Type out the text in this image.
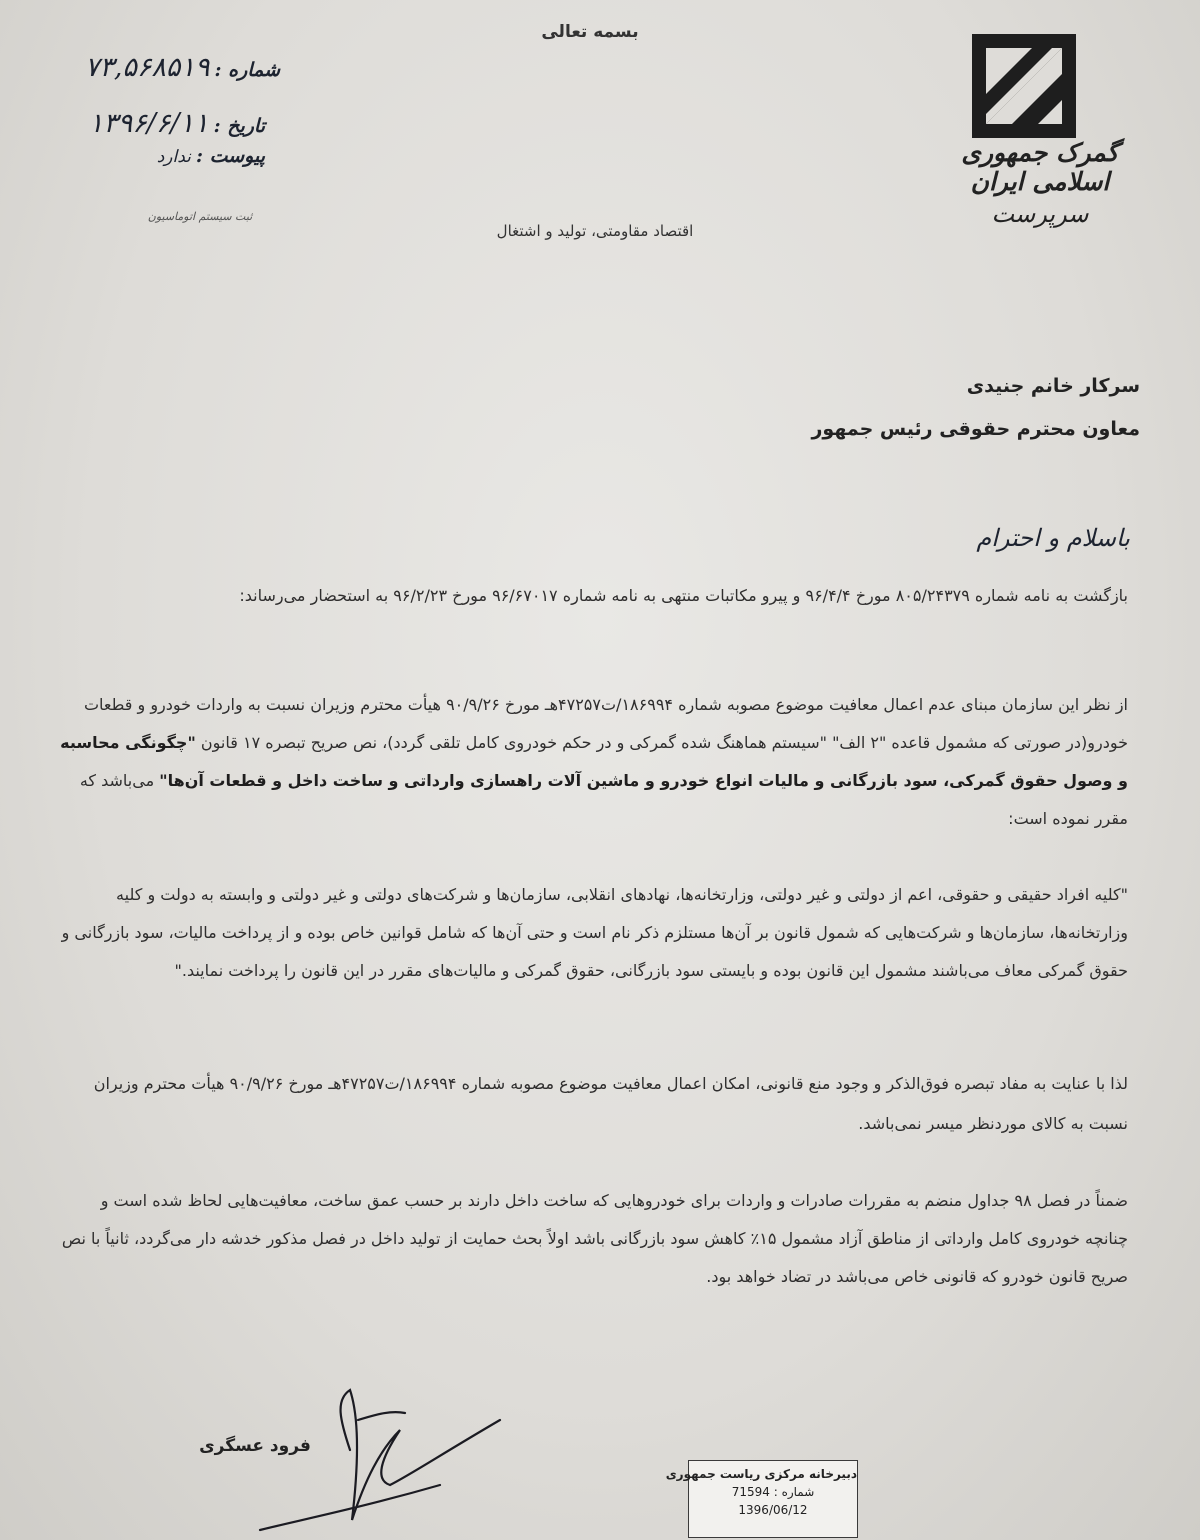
بسمه تعالی
گمرک جمهوری اسلامی ایران
سرپرست
شماره : ۷۳,۵۶۸۵۱۹
تاریخ : ۱۳۹۶/۶/۱۱
پیوست : ندارد
ثبت سیستم اتوماسیون
اقتصاد مقاومتی، تولید و اشتغال
سرکار خانم جنیدی
معاون محترم حقوقی رئیس جمهور
باسلام و احترام
بازگشت به نامه شماره ۸۰۵/۲۴۳۷۹ مورخ ۹۶/۴/۴ و پیرو مکاتبات منتهی به نامه شماره ۹۶/۶۷۰۱۷ مورخ ۹۶/۲/۲۳ به استحضار می‌رساند:
از نظر این سازمان مبنای عدم اعمال معافیت موضوع مصوبه شماره ۱۸۶۹۹۴/ت۴۷۲۵۷هـ مورخ ۹۰/۹/۲۶ هیأت محترم وزیران نسبت به واردات خودرو و قطعات خودرو(در صورتی که مشمول قاعده "۲ الف" "سیستم هماهنگ شده گمرکی و در حکم خودروی کامل تلقی گردد)، نص صریح تبصره ۱۷ قانون "چگونگی محاسبه و وصول حقوق گمرکی، سود بازرگانی و مالیات انواع خودرو و ماشین آلات راهسازی وارداتی و ساخت داخل و قطعات آن‌ها" می‌باشد که مقرر نموده است:
"کلیه افراد حقیقی و حقوقی، اعم از دولتی و غیر دولتی، وزارتخانه‌ها، نهادهای انقلابی، سازمان‌ها و شرکت‌های دولتی و غیر دولتی و وابسته به دولت و کلیه وزارتخانه‌ها، سازمان‌ها و شرکت‌هایی که شمول قانون بر آن‌ها مستلزم ذکر نام است و حتی آن‌ها که شامل قوانین خاص بوده و از پرداخت مالیات، سود بازرگانی و حقوق گمرکی معاف می‌باشند مشمول این قانون بوده و بایستی سود بازرگانی، حقوق گمرکی و مالیات‌های مقرر در این قانون را پرداخت نمایند."
لذا با عنایت به مفاد تبصره فوق‌الذکر و وجود منع قانونی، امکان اعمال معافیت موضوع مصوبه شماره ۱۸۶۹۹۴/ت۴۷۲۵۷هـ مورخ ۹۰/۹/۲۶ هیأت محترم وزیران نسبت به کالای موردنظر میسر نمی‌باشد.
ضمناً در فصل ۹۸ جداول منضم به مقررات صادرات و واردات برای خودروهایی که ساخت داخل دارند بر حسب عمق ساخت، معافیت‌هایی لحاظ شده است و چنانچه خودروی کامل وارداتی از مناطق آزاد مشمول ۱۵٪ کاهش سود بازرگانی باشد اولاً بحث حمایت از تولید داخل در فصل مذکور خدشه دار می‌گردد، ثانیاً با نص صریح قانون خودرو که قانونی خاص می‌باشد در تضاد خواهد بود.
فرود عسگری
دبیرخانه مرکزی ریاست جمهوری
شماره : 71594
1396/06/12
